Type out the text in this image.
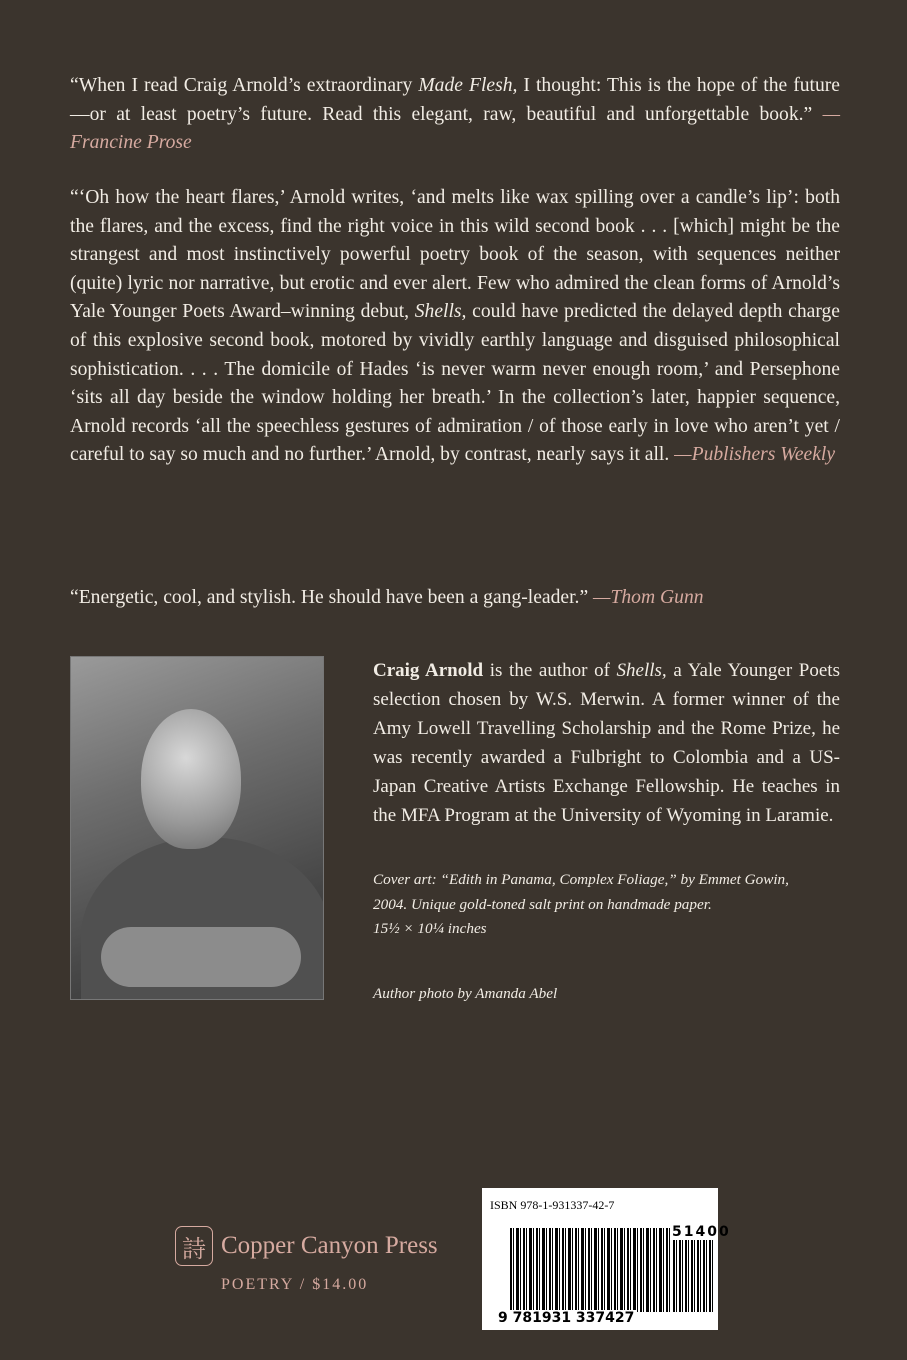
“When I read Craig Arnold’s extraordinary Made Flesh, I thought: This is the hope of the future—or at least poetry’s future. Read this elegant, raw, beautiful and unforgettable book.” —Francine Prose

“‘Oh how the heart flares,’ Arnold writes, ‘and melts like wax spilling over a candle’s lip’: both the flares, and the excess, find the right voice in this wild second book . . . [which] might be the strangest and most instinctively powerful poetry book of the season, with sequences neither (quite) lyric nor narrative, but erotic and ever alert. Few who admired the clean forms of Arnold’s Yale Younger Poets Award–winning debut, Shells, could have predicted the delayed depth charge of this explosive second book, motored by vividly earthly language and disguised philosophical sophistication. . . . The domicile of Hades ‘is never warm never enough room,’ and Persephone ‘sits all day beside the window holding her breath.’ In the collection’s later, happier sequence, Arnold records ‘all the speechless gestures of admiration / of those early in love who aren’t yet / careful to say so much and no further.’ Arnold, by contrast, nearly says it all. —Publishers Weekly

“Energetic, cool, and stylish. He should have been a gang-leader.” —Thom Gunn

Craig Arnold is the author of Shells, a Yale Younger Poets selection chosen by W.S. Merwin. A former winner of the Amy Lowell Travelling Scholarship and the Rome Prize, he was recently awarded a Fulbright to Colombia and a US-Japan Creative Artists Exchange Fellowship. He teaches in the MFA Program at the University of Wyoming in Laramie.

Cover art: “Edith in Panama, Complex Foliage,” by Emmet Gowin,
2004. Unique gold-toned salt print on handmade paper.
15½ × 10¼ inches

Author photo by Amanda Abel

詩 Copper Canyon Press
POETRY / $14.00
ISBN 978-1-931337-42-7
51400
9 781931 337427
